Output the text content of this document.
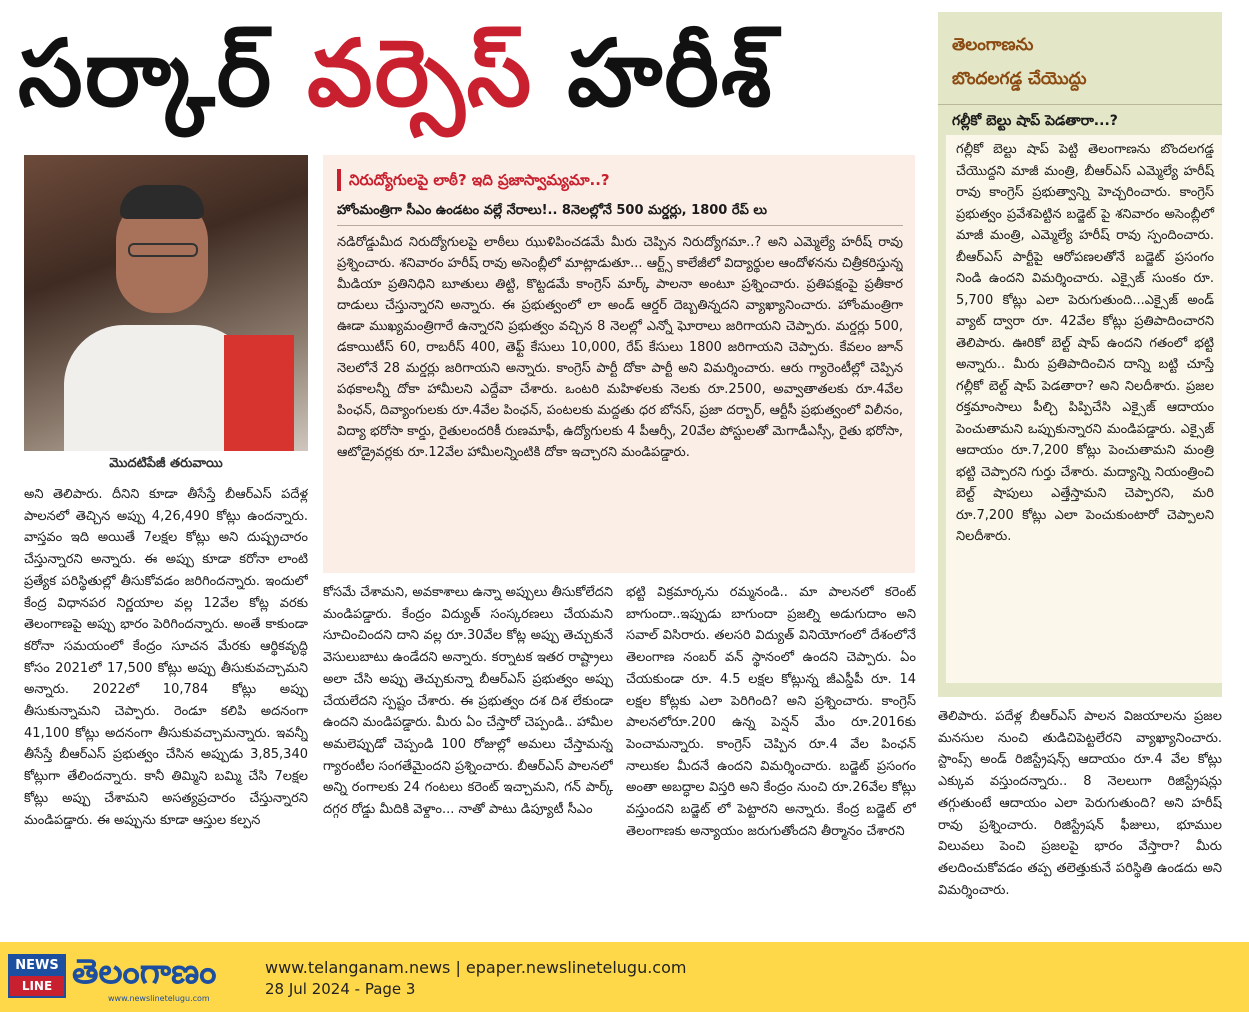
సర్కార్ వర్సెస్ హరీశ్
మొదటిపేజీ తరువాయి
నిరుద్యోగులపై లాఠీ? ఇది ప్రజాస్వామ్యమా..?
హోంమంత్రిగా సీఎం ఉండటం వల్లే నేరాలు!.. 8నెలల్లోనే 500 మర్డర్లు, 1800 రేప్ లు
నడిరోడ్డుమీద నిరుద్యోగులపై లాఠీలు ఝుళిపించడమే మీరు చెప్పిన నిరుద్యోగమా..? అని ఎమ్మెల్యే హరీష్ రావు ప్రశ్నించారు. శనివారం హరీష్ రావు అసెంబ్లీలో మాట్లాడుతూ... ఆర్ట్స్ కాలేజీలో విద్యార్థుల ఆందోళనను చిత్రీకరిస్తున్న మీడియా ప్రతినిధిని బూతులు తిట్టి, కొట్టడమే కాంగ్రెస్ మార్క్ పాలనా అంటూ ప్రశ్నించారు. ప్రతిపక్షంపై ప్రతీకార దాడులు చేస్తున్నారని అన్నారు. ఈ ప్రభుత్వంలో లా అండ్ ఆర్డర్ దెబ్బతిన్నదని వ్యాఖ్యానించారు. హోంమంత్రిగా ఊడా ముఖ్యమంత్రిగారే ఉన్నారని ప్రభుత్వం వచ్చిన 8 నెలల్లో ఎన్నో ఘోరాలు జరిగాయని చెప్పారు. మర్డర్లు 500, డకాయిటీస్ 60, రాబరీస్ 400, తెఫ్ట్ కేసులు 10,000, రేప్ కేసులు 1800 జరిగాయని చెప్పారు. కేవలం జూన్ నెలలోనే 28 మర్డర్లు జరిగాయని అన్నారు. కాంగ్రెస్ పార్టీ దోకా పార్టీ అని విమర్శించారు. ఆరు గ్యారెంటీల్లో చెప్పిన పథకాలన్నీ దోకా హామీలని ఎద్దేవా చేశారు. ఒంటరి మహిళలకు నెలకు రూ.2500, అవ్వాతాతలకు రూ.4వేల పింఛన్, దివ్యాంగులకు రూ.4వేల పింఛన్, పంటలకు మద్దతు ధర బోనస్, ప్రజా దర్బార్, ఆర్టీసీ ప్రభుత్వంలో విలీనం, విద్యా భరోసా కార్డు, రైతులందరికీ రుణమాఫీ, ఉద్యోగులకు 4 పీఆర్సీ, 20వేల పోస్టులతో మెగాడీఎస్సీ, రైతు భరోసా, ఆటోడ్రైవర్లకు రూ.12వేల హామీలన్నింటికి దోకా ఇచ్చారని మండిపడ్డారు.
తెలంగాణను
బొందలగడ్డ చేయొద్దు
గల్లీకో బెల్టు షాప్ పెడతారా...?
గల్లీకో బెల్టు షాప్ పెట్టి తెలంగాణను బొందలగడ్డ చేయొద్దని మాజీ మంత్రి, బీఆర్ఎస్ ఎమ్మెల్యే హరీష్ రావు కాంగ్రెస్ ప్రభుత్వాన్ని హెచ్చరించారు. కాంగ్రెస్ ప్రభుత్వం ప్రవేశపెట్టిన బడ్జెట్ పై శనివారం అసెంబ్లీలో మాజీ మంత్రి, ఎమ్మెల్యే హరీష్ రావు స్పందించారు. బీఆర్ఎస్ పార్టీపై ఆరోపణలతోనే బడ్జెట్ ప్రసంగం నిండి ఉందని విమర్శించారు. ఎక్సైజ్ సుంకం రూ. 5,700 కోట్లు ఎలా పెరుగుతుంది...ఎక్సైజ్ అండ్ వ్యాట్ ద్వారా రూ. 42వేల కోట్లు ప్రతిపాదించారని తెలిపారు. ఊరికో బెల్ట్ షాప్ ఉందని గతంలో భట్టి అన్నారు.. మీరు ప్రతిపాదించిన దాన్ని బట్టి చూస్తే గల్లీకో బెల్ట్ షాప్ పెడతారా? అని నిలదీశారు. ప్రజల రక్తమాంసాలు పీల్చి పిప్పిచేసి ఎక్సైజ్ ఆదాయం పెంచుతామని ఒప్పుకున్నారని మండిపడ్డారు. ఎక్సైజ్ ఆదాయం రూ.7,200 కోట్లు పెంచుతామని మంత్రి భట్టి చెప్పారని గుర్తు చేశారు. మద్యాన్ని నియంత్రించి బెల్ట్ షాపులు ఎత్తేస్తామని చెప్పారని, మరి రూ.7,200 కోట్లు ఎలా పెంచుకుంటారో చెప్పాలని నిలదీశారు.
అని తెలిపారు. దీనిని కూడా తీసేస్తే బీఆర్ఎస్ పదేళ్ల పాలనలో తెచ్చిన అప్పు 4,26,490 కోట్లు ఉందన్నారు. వాస్తవం ఇది అయితే 7లక్షల కోట్లు అని దుష్ప్రచారం చేస్తున్నారని అన్నారు. ఈ అప్పు కూడా కరోనా లాంటి ప్రత్యేక పరిస్థితుల్లో తీసుకోవడం జరిగిందన్నారు. ఇందులో కేంద్ర విధానపర నిర్ణయాల వల్ల 12వేల కోట్ల వరకు తెలంగాణపై అప్పు భారం పెరిగిందన్నారు. అంతే కాకుండా కరోనా సమయంలో కేంద్రం సూచన మేరకు ఆర్థికవృద్ధి కోసం 2021లో 17,500 కోట్లు అప్పు తీసుకువచ్చామని అన్నారు. 2022లో 10,784 కోట్లు అప్పు తీసుకున్నామని చెప్పారు. రెండూ కలిపి అదనంగా 41,100 కోట్లు అదనంగా తీసుకువచ్చామన్నారు. ఇవన్నీ తీసేస్తే బీఆర్ఎస్ ప్రభుత్వం చేసిన అప్పుడు 3,85,340 కోట్లుగా తేలిందన్నారు. కానీ తిమ్మిని బమ్మి చేసి 7లక్షల కోట్లు అప్పు చేశామని అసత్యప్రచారం చేస్తున్నారని మండిపడ్డారు. ఈ అప్పును కూడా ఆస్తుల కల్పన
కోసమే చేశామని, అవకాశాలు ఉన్నా అప్పులు తీసుకోలేదని మండిపడ్డారు. కేంద్రం విద్యుత్ సంస్కరణలు చేయమని సూచించిందని దాని వల్ల రూ.30వేల కోట్ల అప్పు తెచ్చుకునే వెసులుబాటు ఉండేదని అన్నారు. కర్నాటక ఇతర రాష్ట్రాలు అలా చేసి అప్పు తెచ్చుకున్నా బీఆర్ఎస్ ప్రభుత్వం అప్పు చేయలేదని స్పష్టం చేశారు. ఈ ప్రభుత్వం దశ దిశ లేకుండా ఉందని మండిపడ్డారు. మీరు ఏం చేస్తారో చెప్పండి.. హామీల అమలెప్పుడో చెప్పండి 100 రోజుల్లో అమలు చేస్తామన్న గ్యారంటీల సంగతేమైందని ప్రశ్నించారు. బీఆర్ఎస్ పాలనలో అన్ని రంగాలకు 24 గంటలు కరెంట్ ఇచ్చామని, గన్ పార్క్ దగ్గర రోడ్డు మీదికి వెళ్దాం... నాతో పాటు డిప్యూటీ సీఎం
భట్టి విక్రమార్కను రమ్మనండి.. మా పాలనలో కరెంట్ బాగుందా..ఇప్పుడు బాగుందా ప్రజల్ని అడుగుదాం అని సవాల్ విసిరారు. తలసరి విద్యుత్ వినియోగంలో దేశంలోనే తెలంగాణ నంబర్ వన్ స్థానంలో ఉందని చెప్పారు. ఏం చేయకుండా రూ. 4.5 లక్షల కోట్లున్న జీఎస్డీపీ రూ. 14 లక్షల కోట్లకు ఎలా పెరిగింది? అని ప్రశ్నించారు. కాంగ్రెస్ పాలనలోరూ.200 ఉన్న పెన్షన్ మేం రూ.2016కు పెంచామన్నారు. కాంగ్రెస్ చెప్పిన రూ.4 వేల పింఛన్ నాలుకల మీదనే ఉందని విమర్శించారు. బడ్జెట్ ప్రసంగం అంతా అబద్ధాల విస్తరి అని కేంద్రం నుంచి రూ.26వేల కోట్లు వస్తుందని బడ్జెట్ లో పెట్టారని అన్నారు. కేంద్ర బడ్జెట్ లో తెలంగాణకు అన్యాయం జరుగుతోందని తీర్మానం చేశారని
తెలిపారు. పదేళ్ల బీఆర్ఎస్ పాలన విజయాలను ప్రజల మనసుల నుంచి తుడిచిపెట్టలేరని వ్యాఖ్యానించారు. స్టాంప్స్ అండ్ రిజిస్ట్రేషన్స్ ఆదాయం రూ.4 వేల కోట్లు ఎక్కువ వస్తుందన్నారు.. 8 నెలలుగా రిజిస్ట్రేషన్లు తగ్గుతుంటే ఆదాయం ఎలా పెరుగుతుంది? అని హరీష్ రావు ప్రశ్నించారు. రిజిస్ట్రేషన్ ఫీజులు, భూముల విలువలు పెంచి ప్రజలపై భారం వేస్తారా? మీరు తలదించుకోవడం తప్ప తలెత్తుకునే పరిస్థితి ఉండదు అని విమర్శించారు.
NEWS
LINE తెలంగాణం
www.newslinetelugu.com
www.telanganam.news | epaper.newslinetelugu.com
28 Jul 2024 - Page 3
